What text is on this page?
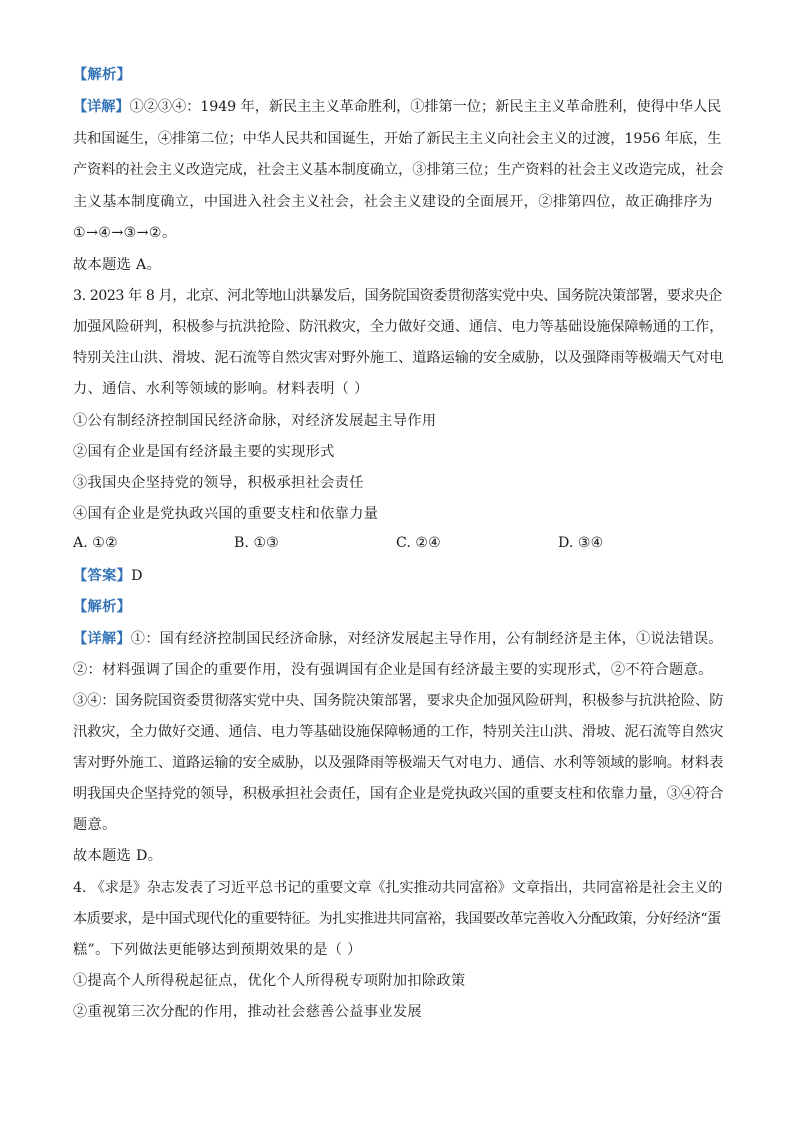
【解析】
【详解】①②③④：1949 年，新民主主义革命胜利，①排第一位；新民主主义革命胜利，使得中华人民
共和国诞生，④排第二位；中华人民共和国诞生，开始了新民主主义向社会主义的过渡，1956 年底，生
产资料的社会主义改造完成，社会主义基本制度确立，③排第三位；生产资料的社会主义改造完成，社会
主义基本制度确立，中国进入社会主义社会，社会主义建设的全面展开，②排第四位，故正确排序为
①→④→③→②。
故本题选 A。
3. 2023 年 8 月，北京、河北等地山洪暴发后，国务院国资委贯彻落实党中央、国务院决策部署，要求央企
加强风险研判，积极参与抗洪抢险、防汛救灾，全力做好交通、通信、电力等基础设施保障畅通的工作，
特别关注山洪、滑坡、泥石流等自然灾害对野外施工、道路运输的安全威胁，以及强降雨等极端天气对电
力、通信、水利等领域的影响。材料表明（ ）
①公有制经济控制国民经济命脉，对经济发展起主导作用
②国有企业是国有经济最主要的实现形式
③我国央企坚持党的领导，积极承担社会责任
④国有企业是党执政兴国的重要支柱和依靠力量
A. ①②	B. ①③	C. ②④	D. ③④
【答案】D
【解析】
【详解】①：国有经济控制国民经济命脉，对经济发展起主导作用，公有制经济是主体，①说法错误。
②：材料强调了国企的重要作用，没有强调国有企业是国有经济最主要的实现形式，②不符合题意。
③④：国务院国资委贯彻落实党中央、国务院决策部署，要求央企加强风险研判，积极参与抗洪抢险、防
汛救灾，全力做好交通、通信、电力等基础设施保障畅通的工作，特别关注山洪、滑坡、泥石流等自然灾
害对野外施工、道路运输的安全威胁，以及强降雨等极端天气对电力、通信、水利等领域的影响。材料表
明我国央企坚持党的领导，积极承担社会责任，国有企业是党执政兴国的重要支柱和依靠力量，③④符合
题意。
故本题选 D。
4. 《求是》杂志发表了习近平总书记的重要文章《扎实推动共同富裕》文章指出，共同富裕是社会主义的
本质要求，是中国式现代化的重要特征。为扎实推进共同富裕，我国要改革完善收入分配政策，分好经济“蛋
糕”。下列做法更能够达到预期效果的是（ ）
①提高个人所得税起征点，优化个人所得税专项附加扣除政策
②重视第三次分配的作用，推动社会慈善公益事业发展
